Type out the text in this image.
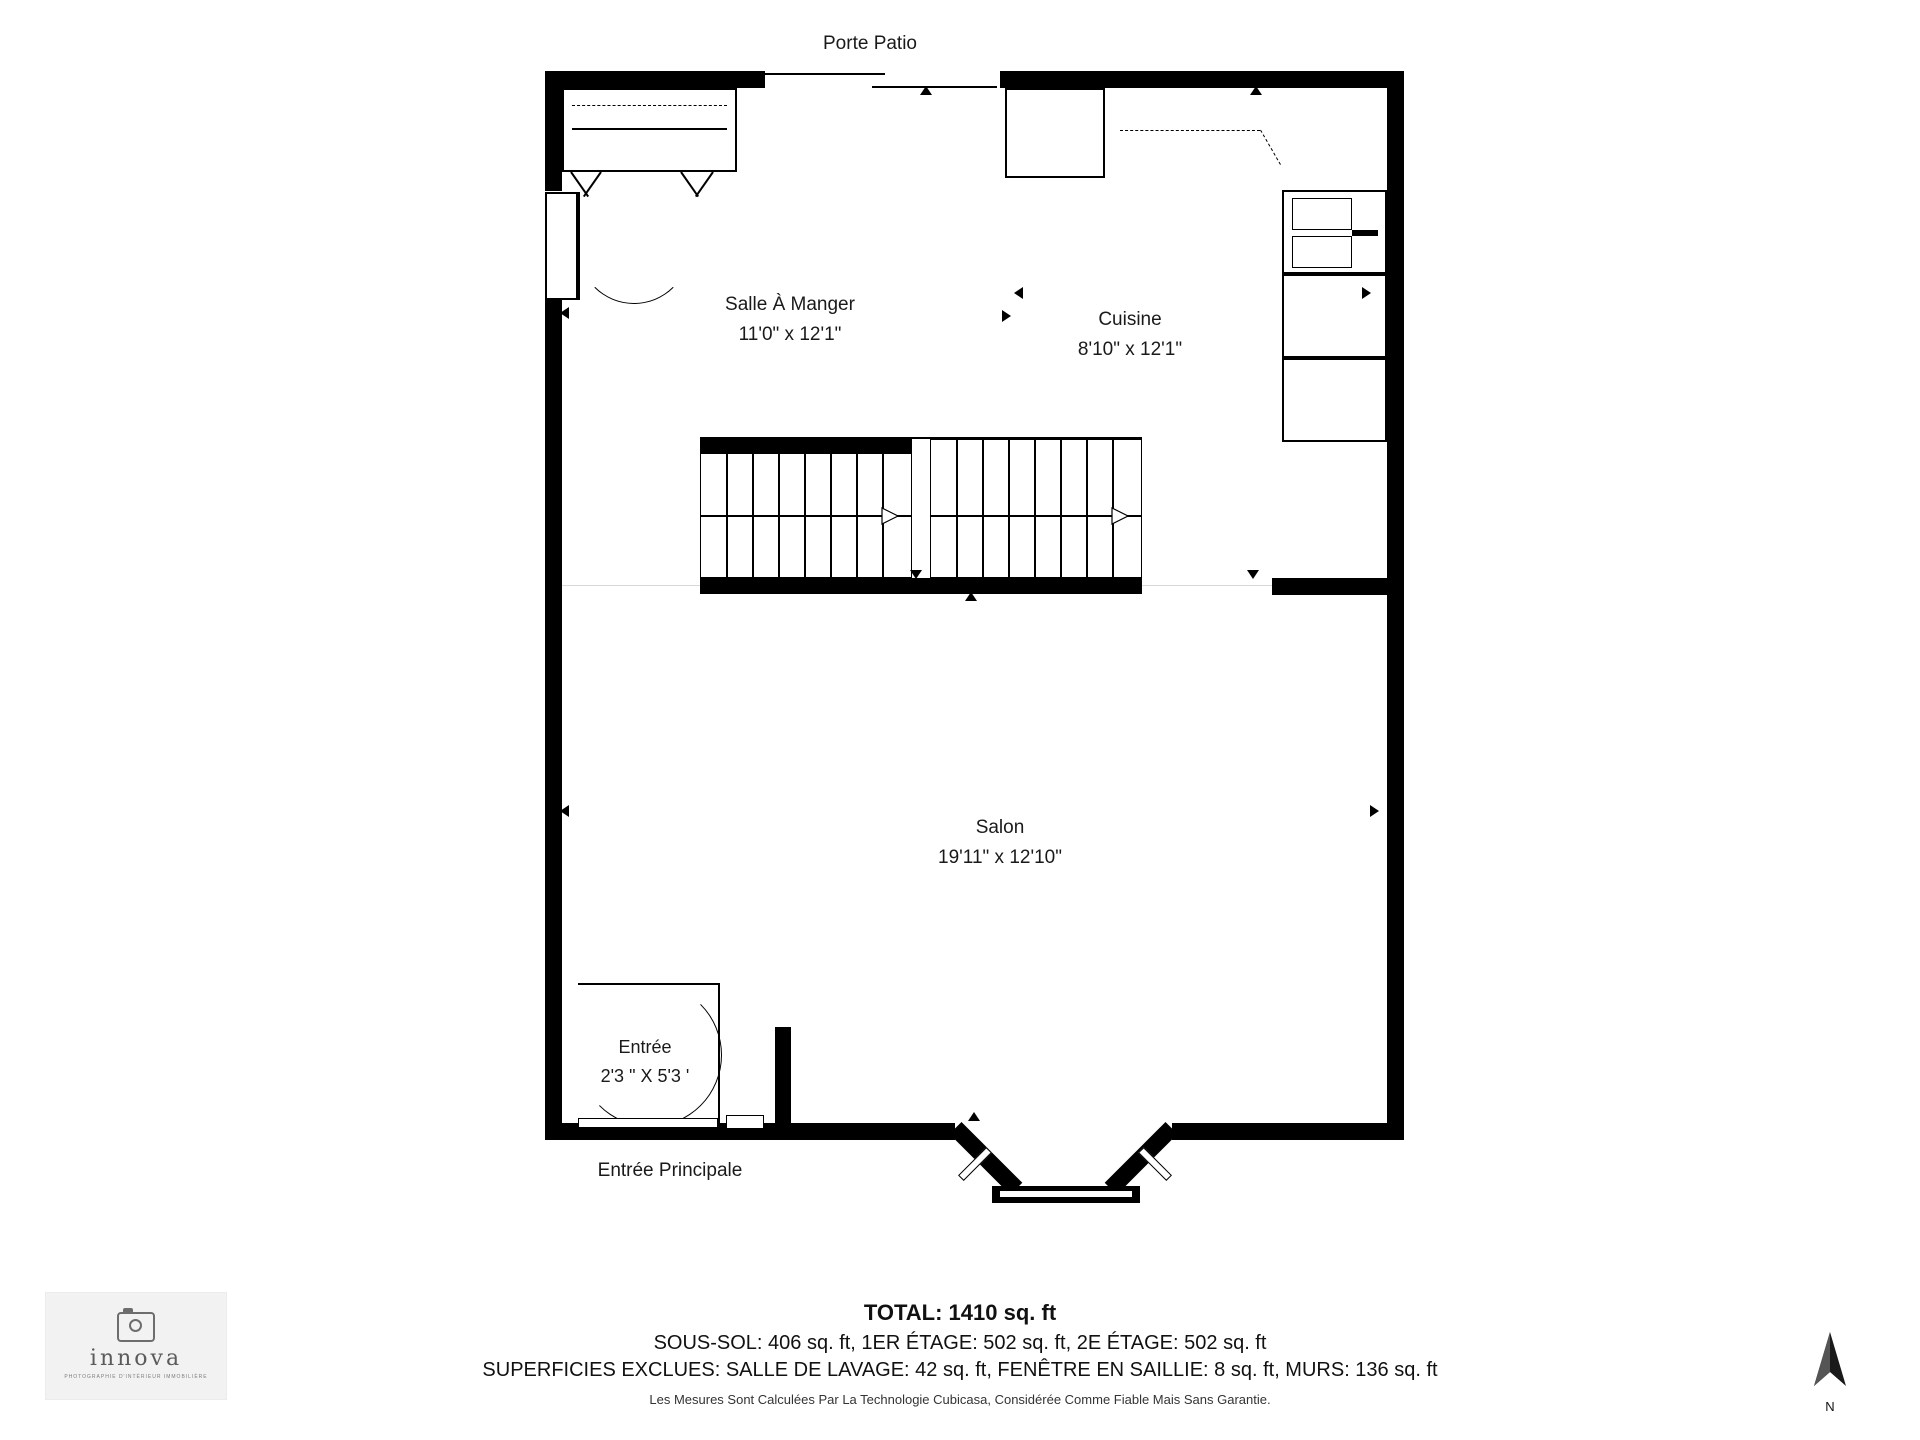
Salle À Manger
11'0" x 12'1"
Cuisine
8'10" x 12'1"
Salon
19'11" x 12'10"
Entrée
2'3 " X 5'3 '
Porte Patio
Entrée Principale
TOTAL: 1410 sq. ft
SOUS-SOL: 406 sq. ft, 1ER ÉTAGE: 502 sq. ft, 2E ÉTAGE: 502 sq. ft
SUPERFICIES EXCLUES: SALLE DE LAVAGE: 42 sq. ft, FENÊTRE EN SAILLIE: 8 sq. ft, MURS: 136 sq. ft
Les Mesures Sont Calculées Par La Technologie Cubicasa, Considérée Comme Fiable Mais Sans Garantie.
innova
PHOTOGRAPHIE D'INTÉRIEUR IMMOBILIÈRE
N
